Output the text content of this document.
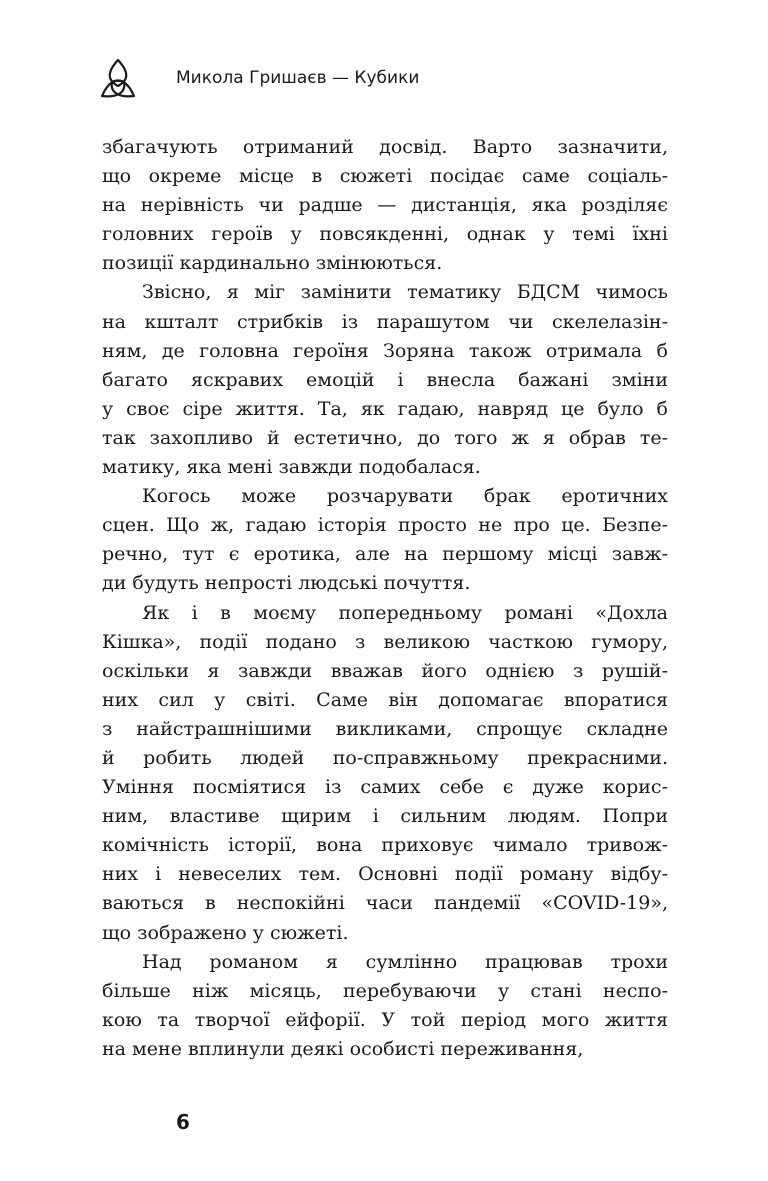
Микола Гришаєв — Кубики
збагачують отриманий досвід. Варто зазначити,
що окреме місце в сюжеті посідає саме соціаль-
на нерівність чи радше — дистанція, яка розділяє
головних героїв у повсякденні, однак у темі їхні
позиції кардинально змінюються.
Звісно, я міг замінити тематику БДСМ чимось
на кшталт стрибків із парашутом чи скелелазін-
ням, де головна героїня Зоряна також отримала б
багато яскравих емоцій і внесла бажані зміни
у своє сіре життя. Та, як гадаю, навряд це було б
так захопливо й естетично, до того ж я обрав те-
матику, яка мені завжди подобалася.
Когось може розчарувати брак еротичних
сцен. Що ж, гадаю історія просто не про це. Безпе-
речно, тут є еротика, але на першому місці завж-
ди будуть непрості людські почуття.
Як і в моєму попередньому романі «Дохла
Кішка», події подано з великою часткою гумору,
оскільки я завжди вважав його однією з рушій-
них сил у світі. Саме він допомагає впоратися
з найстрашнішими викликами, спрощує складне
й робить людей по-справжньому прекрасними.
Уміння посміятися із самих себе є дуже корис-
ним, властиве щирим і сильним людям. Попри
комічність історії, вона приховує чимало тривож-
них і невеселих тем. Основні події роману відбу-
ваються в неспокійні часи пандемії «COVID-19»,
що зображено у сюжеті.
Над романом я сумлінно працював трохи
більше ніж місяць, перебуваючи у стані неспо-
кою та творчої ейфорії. У той період мого життя
на мене вплинули деякі особисті переживання,
6
